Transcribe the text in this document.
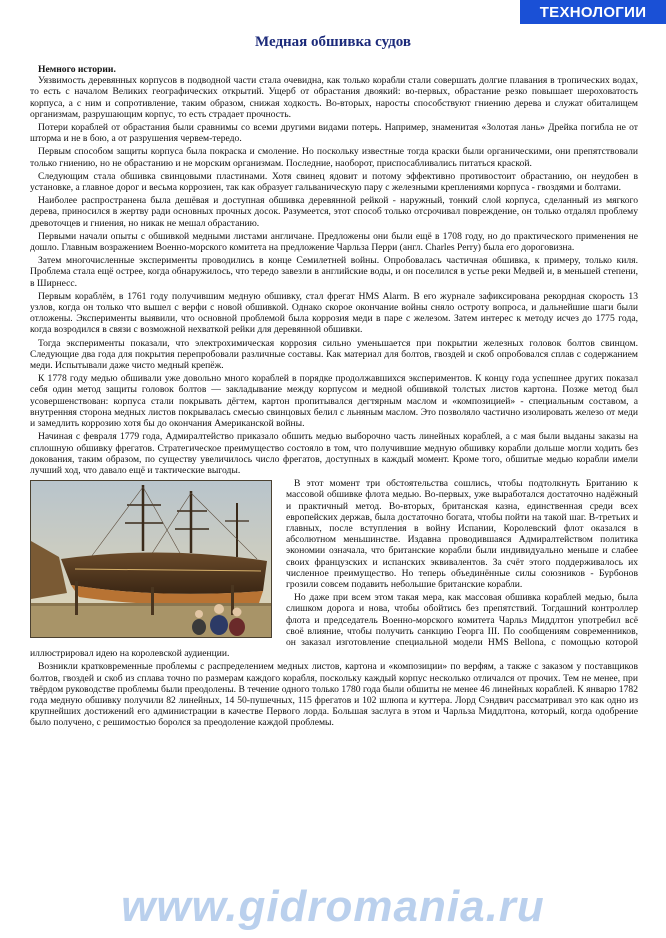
ТЕХНОЛОГИИ
Медная обшивка судов

Немного истории.

Уязвимость деревянных корпусов в подводной части стала очевидна, как только корабли стали совершать долгие плавания в тропических водах, то есть с началом Великих географических открытий. Ущерб от обрастания двоякий: во-первых, обрастание резко повышает шероховатость корпуса, а с ним и сопротивление, таким образом, снижая ходкость. Во-вторых, наросты способствуют гниению дерева и служат обиталищем организмам, разрушающим корпус, то есть страдает прочность.

Потери кораблей от обрастания были сравнимы со всеми другими видами потерь. Например, знаменитая «Золотая лань» Дрейка погибла не от шторма и не в бою, а от разрушения червем-тередо.

Первым способом защиты корпуса была покраска и смоление. Но поскольку известные тогда краски были органическими, они препятствовали только гниению, но не обрастанию и не морским организмам. Последние, наоборот, приспосабливались питаться краской.

Следующим стала обшивка свинцовыми пластинами. Хотя свинец ядовит и потому эффективно противостоит обрастанию, он неудобен в установке, а главное дорог и весьма коррозиен, так как образует гальваническую пару с железными креплениями корпуса - гвоздями и болтами.

Наиболее распространена была дешёвая и доступная обшивка деревянной рейкой - наружный, тонкий слой корпуса, сделанный из мягкого дерева, приносился в жертву ради основных прочных досок. Разумеется, этот способ только отсрочивал повреждение, он только отдалял проблему древоточцев и гниения, но никак не мешал обрастанию.

Первыми начали опыты с обшивкой медными листами англичане. Предложены они были ещё в 1708 году, но до практического применения не дошло. Главным возражением Военно-морского комитета на предложение Чарльза Перри (англ. Charles Perry) была его дороговизна.

Затем многочисленные эксперименты проводились в конце Семилетней войны. Опробовалась частичная обшивка, к примеру, только киля. Проблема стала ещё острее, когда обнаружилось, что тередо завезли в английские воды, и он поселился в устье реки Медвей и, в меньшей степени, в Ширнесс.

Первым кораблём, в 1761 году получившим медную обшивку, стал фрегат HMS Alarm. В его журнале зафиксирована рекордная скорость 13 узлов, когда он только что вышел с верфи с новой обшивкой. Однако скорое окончание войны сняло остроту вопроса, и дальнейшие шаги были отложены. Эксперименты выявили, что основной проблемой была коррозия меди в паре с железом. Затем интерес к методу исчез до 1775 года, когда возродился в связи с возможной нехваткой рейки для деревянной обшивки.

Тогда эксперименты показали, что электрохимическая коррозия сильно уменьшается при покрытии железных головок болтов свинцом. Следующие два года для покрытия перепробовали различные составы. Как материал для болтов, гвоздей и скоб опробовался сплав с содержанием меди. Испытывали даже чисто медный крепёж.

К 1778 году медью обшивали уже довольно много кораблей в порядке продолжавшихся экспериментов. К концу года успешнее других показал себя один метод защиты головок болтов — закладывание между корпусом и медной обшивкой толстых листов картона. Позже метод был усовершенствован: корпуса стали покрывать дёгтем, картон пропитывался дегтярным маслом и «композицией» - специальным составом, а внутренняя сторона медных листов покрывалась смесью свинцовых белил с льняным маслом. Это позволяло частично изолировать железо от меди и замедлить коррозию хотя бы до окончания Американской войны.

Начиная с февраля 1779 года, Адмиралтейство приказало обшить медью выборочно часть линейных кораблей, а с мая были выданы заказы на сплошную обшивку фрегатов. Стратегическое преимущество состояло в том, что получившие медную обшивку корабли дольше могли ходить без докования, таким образом, по существу увеличилось число фрегатов, доступных в каждый момент. Кроме того, обшитые медью корабли имели лучший ход, что давало ещё и тактические выгоды.

В этот момент три обстоятельства сошлись, чтобы подтолкнуть Британию к массовой обшивке флота медью. Во-первых, уже выработался достаточно надёжный и практичный метод. Во-вторых, британская казна, единственная среди всех европейских держав, была достаточно богата, чтобы пойти на такой шаг. В-третьих и главных, после вступления в войну Испании, Королевский флот оказался в абсолютном меньшинстве. Издавна проводившаяся Адмиралтейством политика экономии означала, что британские корабли были индивидуально меньше и слабее своих французских и испанских эквивалентов. За счёт этого поддерживалось их численное преимущество. Но теперь объединённые силы союзников - Бурбонов грозили совсем подавить небольшие британские корабли.

Но даже при всем этом такая мера, как массовая обшивка кораблей медью, была слишком дорога и нова, чтобы обойтись без препятствий. Тогдашний контроллер флота и председатель Военно-морского комитета Чарльз Миддлтон употребил всё своё влияние, чтобы получить санкцию Георга III. По сообщениям современников, он заказал изготовление специальной модели HMS Bellona, с помощью которой иллюстрировал идею на королевской аудиенции.

Возникли кратковременные проблемы с распределением медных листов, картона и «композиции» по верфям, а также с заказом у поставщиков болтов, гвоздей и скоб из сплава точно по размерам каждого корабля, поскольку каждый корпус несколько отличался от прочих. Тем не менее, при твёрдом руководстве проблемы были преодолены. В течение одного только 1780 года были обшиты не менее 46 линейных кораблей. К январю 1782 года медную обшивку получили 82 линейных, 14 50-пушечных, 115 фрегатов и 102 шлюпа и куттера. Лорд Сэндвич рассматривал это как одно из крупнейших достижений его администрации в качестве Первого лорда. Большая заслуга в этом и Чарльза Миддлтона, который, когда одобрение было получено, с решимостью боролся за преодоление каждой проблемы.

www.gidromania.ru
